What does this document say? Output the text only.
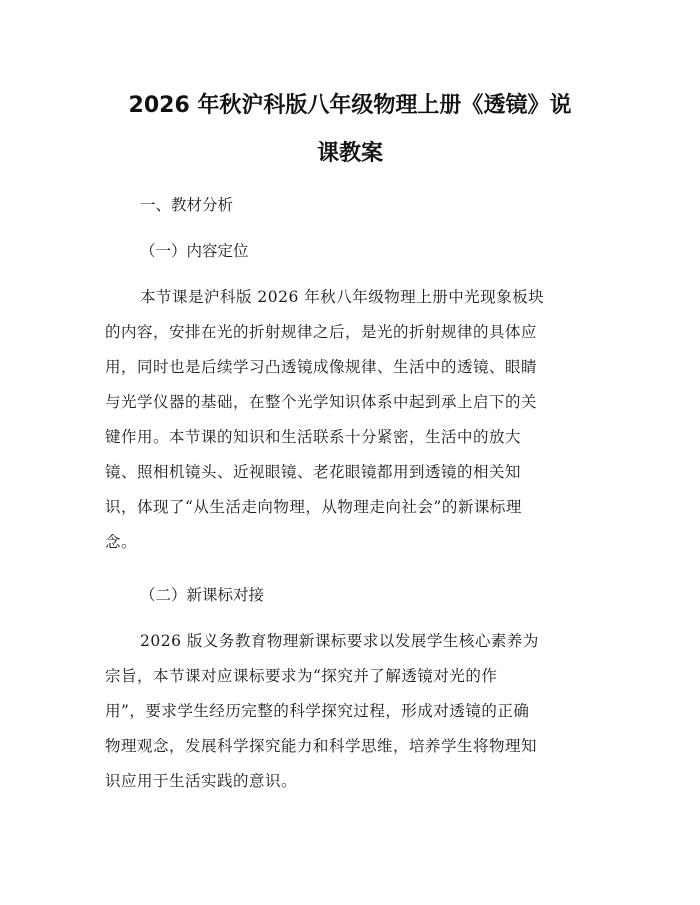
2026 年秋沪科版八年级物理上册《透镜》说
课教案

一、教材分析

（一）内容定位

本节课是沪科版 2026 年秋八年级物理上册中光现象板块
的内容，安排在光的折射规律之后，是光的折射规律的具体应
用，同时也是后续学习凸透镜成像规律、生活中的透镜、眼睛
与光学仪器的基础，在整个光学知识体系中起到承上启下的关
键作用。本节课的知识和生活联系十分紧密，生活中的放大
镜、照相机镜头、近视眼镜、老花眼镜都用到透镜的相关知
识，体现了“从生活走向物理，从物理走向社会”的新课标理
念。

（二）新课标对接

2026 版义务教育物理新课标要求以发展学生核心素养为
宗旨，本节课对应课标要求为“探究并了解透镜对光的作
用”，要求学生经历完整的科学探究过程，形成对透镜的正确
物理观念，发展科学探究能力和科学思维，培养学生将物理知
识应用于生活实践的意识。
